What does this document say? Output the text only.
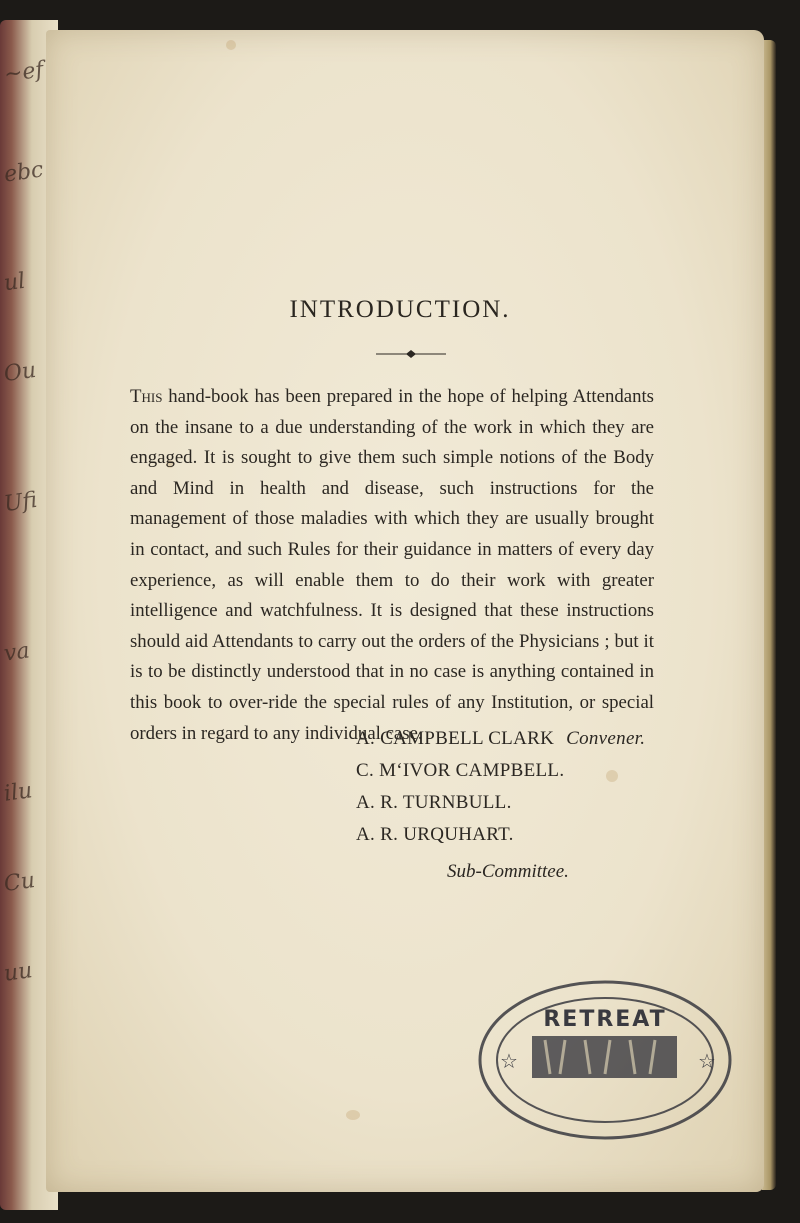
~ef
ebc
ul
Ou
Ufi
va
ilu
Cu
uu
INTRODUCTION.

This hand-book has been prepared in the hope of helping Attendants on the insane to a due understanding of the work in which they are engaged. It is sought to give them such simple notions of the Body and Mind in health and disease, such instructions for the management of those maladies with which they are usually brought in contact, and such Rules for their guidance in matters of every day experience, as will enable them to do their work with greater intelligence and watchfulness. It is designed that these instructions should aid Attendants to carry out the orders of the Physicians ; but it is to be distinctly understood that in no case is anything contained in this book to over-ride the special rules of any Institution, or special orders in regard to any individual case.

A. CAMPBELL CLARK Convener.
C. M‘IVOR CAMPBELL.
A. R. TURNBULL.
A. R. URQUHART.
Sub-Committee.
RETREAT
☆	☆
